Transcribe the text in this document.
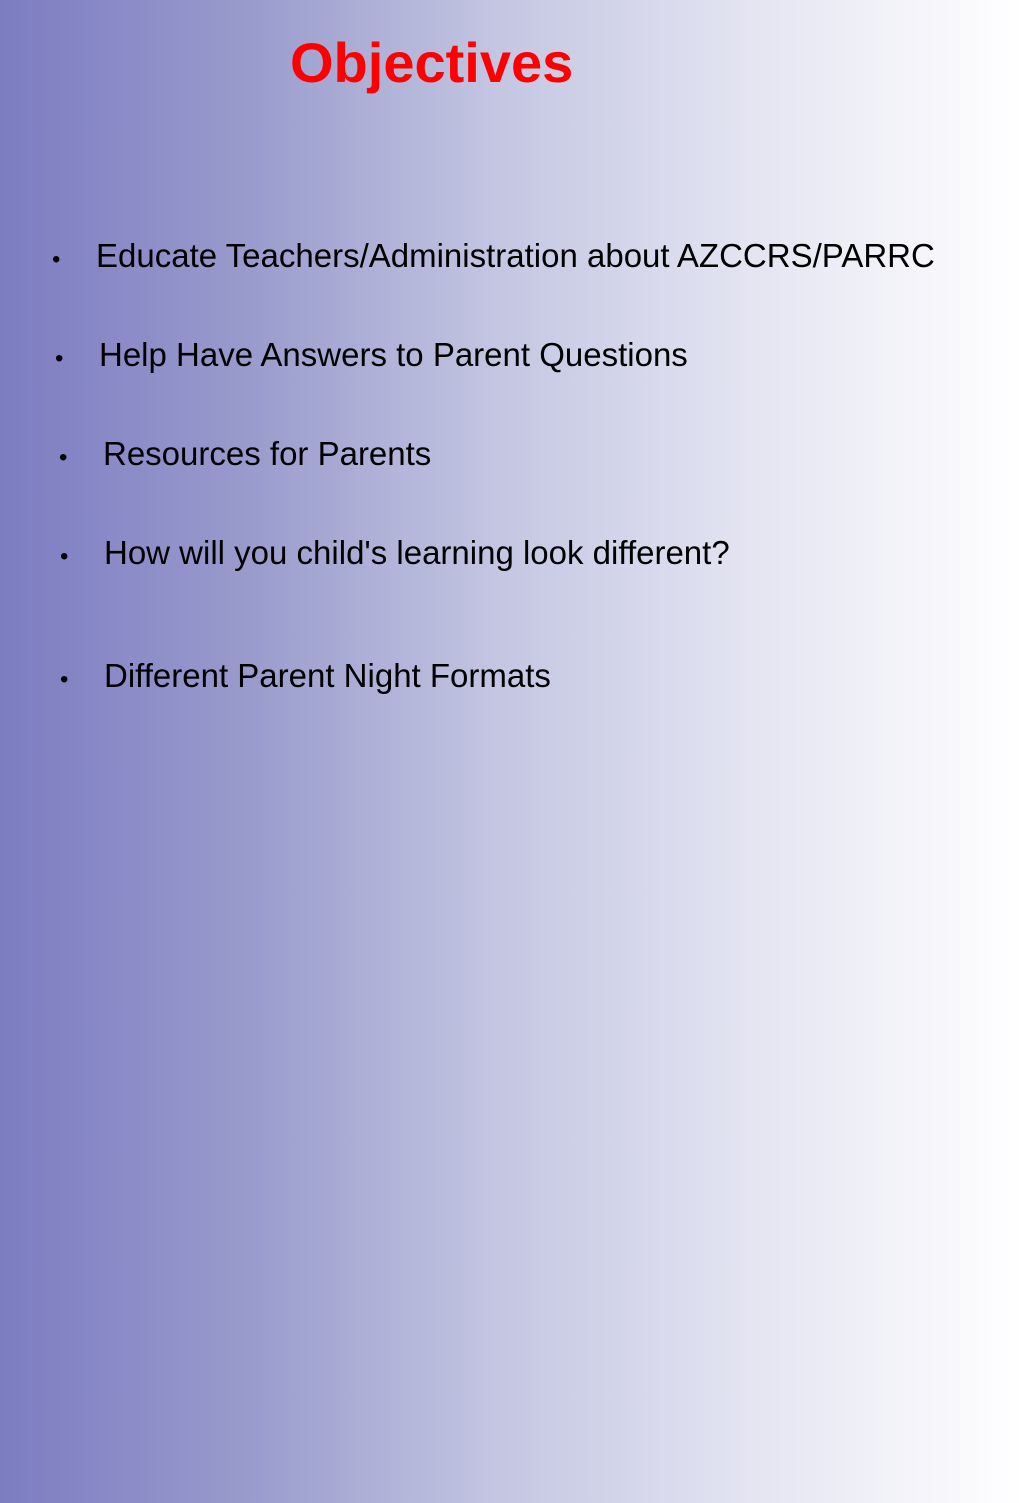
Objectives
•	Educate Teachers/Administration about AZCCRS/PARRC
•	Help Have Answers to Parent Questions
•	Resources for Parents
•	How will you child's learning look different?
•	Different Parent Night Formats
